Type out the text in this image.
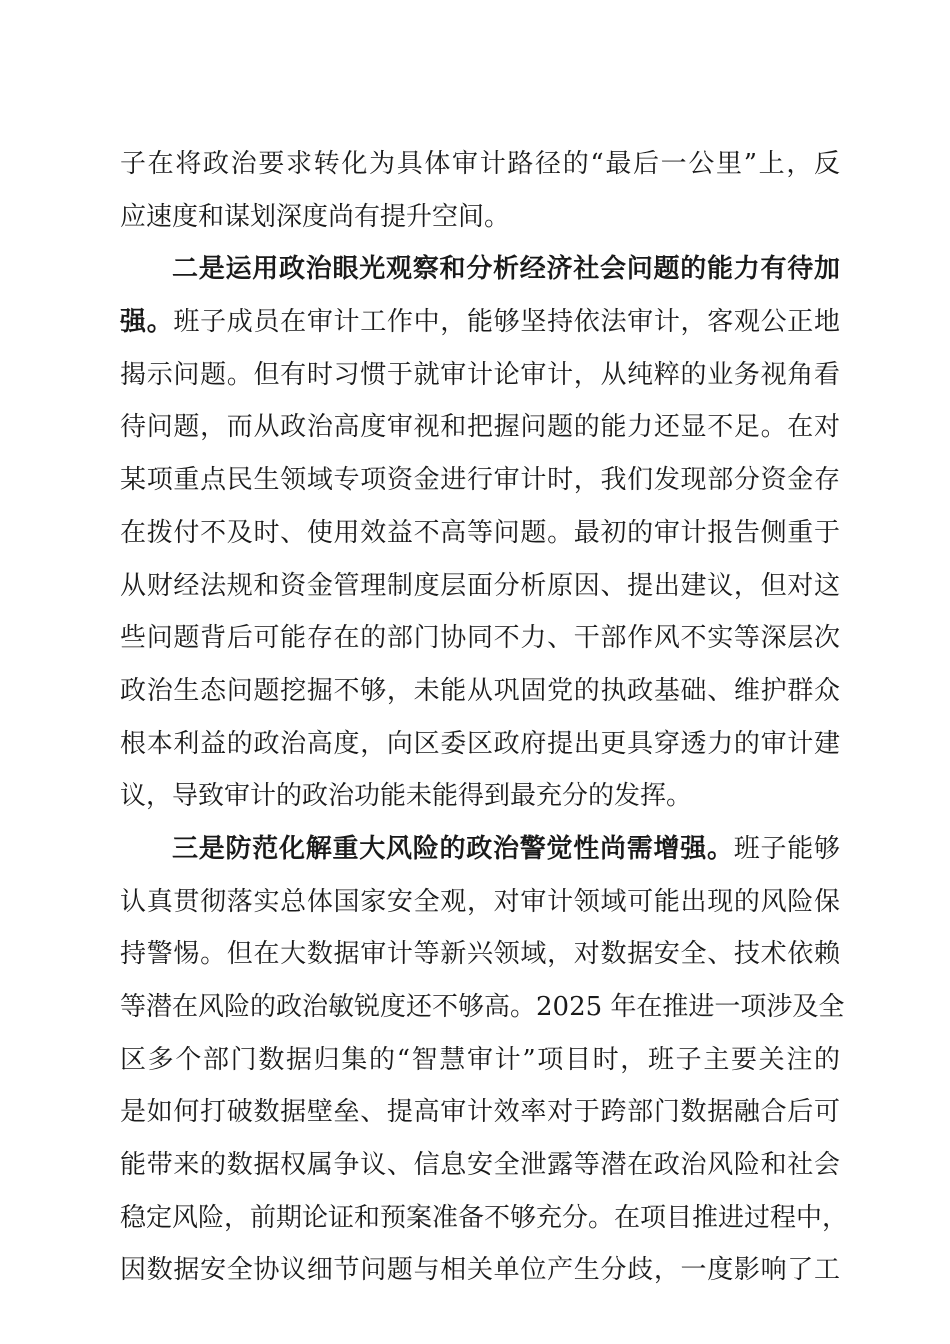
子在将政治要求转化为具体审计路径的“最后一公里”上，反
应速度和谋划深度尚有提升空间。
二是运用政治眼光观察和分析经济社会问题的能力有待加
强。班子成员在审计工作中，能够坚持依法审计，客观公正地
揭示问题。但有时习惯于就审计论审计，从纯粹的业务视角看
待问题，而从政治高度审视和把握问题的能力还显不足。在对
某项重点民生领域专项资金进行审计时，我们发现部分资金存
在拨付不及时、使用效益不高等问题。最初的审计报告侧重于
从财经法规和资金管理制度层面分析原因、提出建议，但对这
些问题背后可能存在的部门协同不力、干部作风不实等深层次
政治生态问题挖掘不够，未能从巩固党的执政基础、维护群众
根本利益的政治高度，向区委区政府提出更具穿透力的审计建
议，导致审计的政治功能未能得到最充分的发挥。
三是防范化解重大风险的政治警觉性尚需增强。班子能够
认真贯彻落实总体国家安全观，对审计领域可能出现的风险保
持警惕。但在大数据审计等新兴领域，对数据安全、技术依赖
等潜在风险的政治敏锐度还不够高。2025 年在推进一项涉及全
区多个部门数据归集的“智慧审计”项目时，班子主要关注的
是如何打破数据壁垒、提高审计效率对于跨部门数据融合后可
能带来的数据权属争议、信息安全泄露等潜在政治风险和社会
稳定风险，前期论证和预案准备不够充分。在项目推进过程中，
因数据安全协议细节问题与相关单位产生分歧，一度影响了工
